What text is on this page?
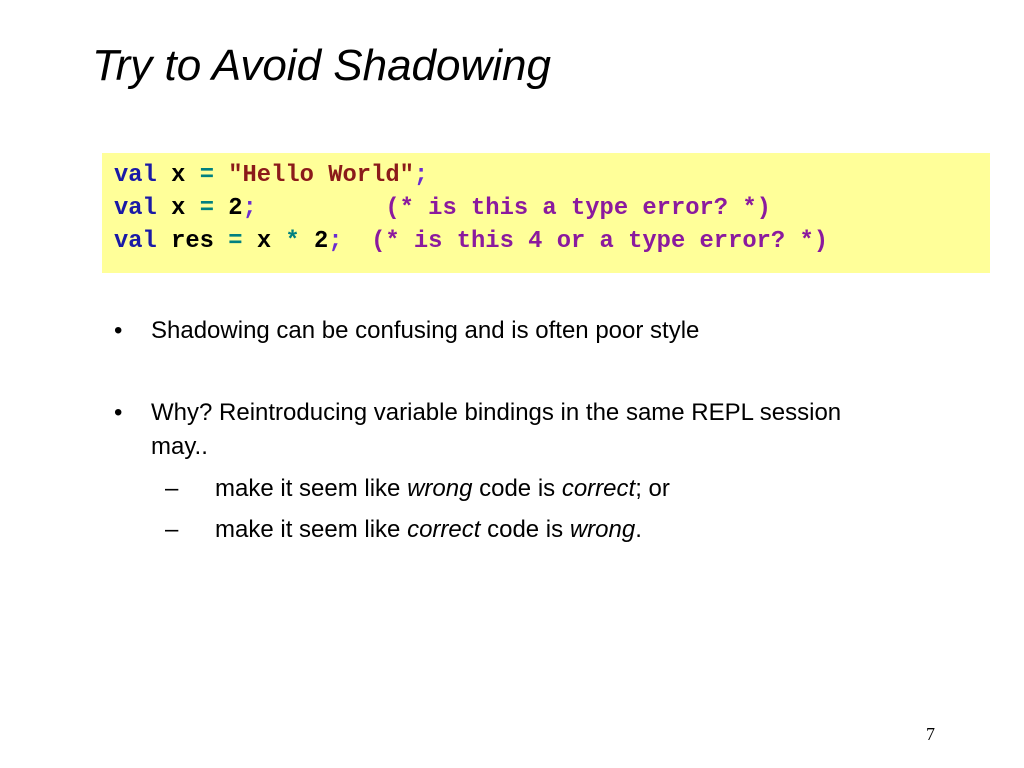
Try to Avoid Shadowing
val x = "Hello World";
val x = 2;	(* is this a type error? *)
val res = x * 2; (* is this 4 or a type error? *)
• Shadowing can be confusing and is often poor style
• Why? Reintroducing variable bindings in the same REPL session
may..
– make it seem like wrong code is correct; or
– make it seem like correct code is wrong.
7
